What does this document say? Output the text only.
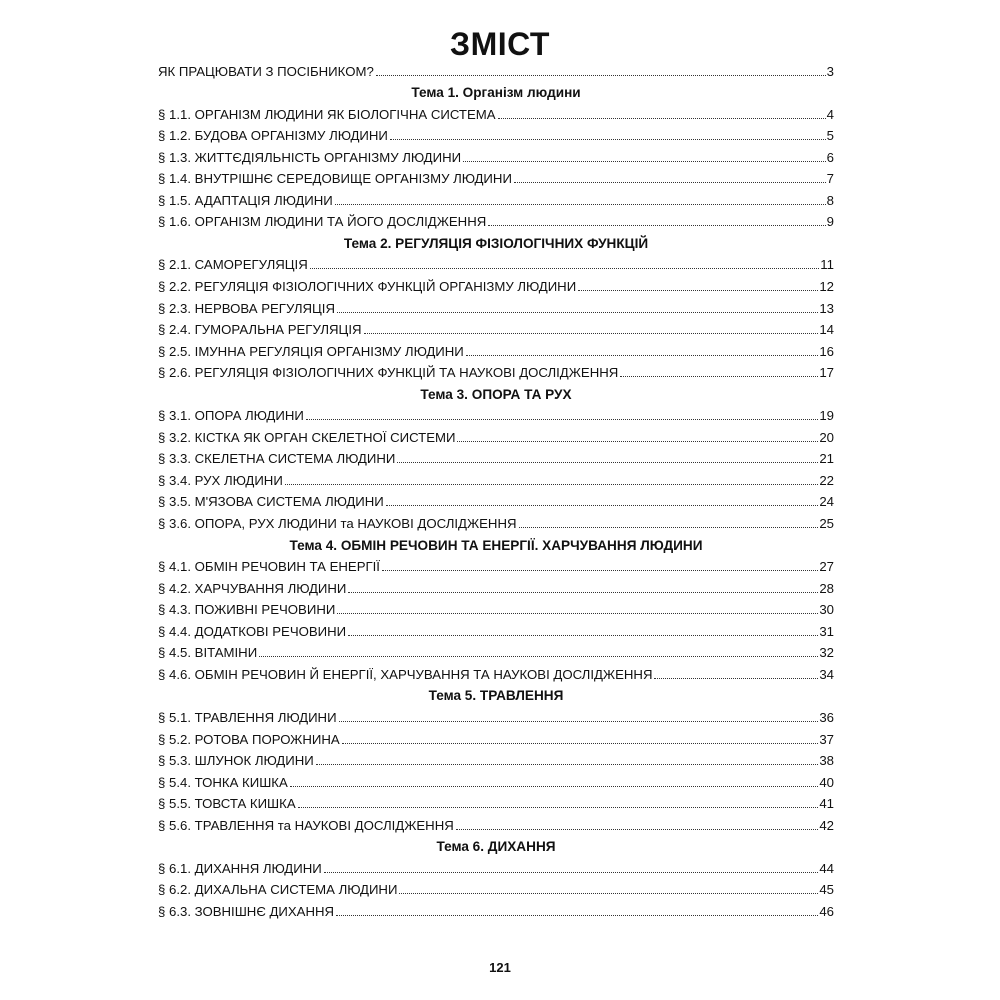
ЗМІСТ
ЯК ПРАЦЮВАТИ З ПОСІБНИКОМ?	3
Тема 1. Організм людини
§ 1.1. ОРГАНІЗМ ЛЮДИНИ ЯК БІОЛОГІЧНА СИСТЕМА	4
§ 1.2. БУДОВА ОРГАНІЗМУ ЛЮДИНИ	5
§ 1.3. ЖИТТЄДІЯЛЬНІСТЬ ОРГАНІЗМУ ЛЮДИНИ	6
§ 1.4. ВНУТРІШНЄ СЕРЕДОВИЩЕ ОРГАНІЗМУ ЛЮДИНИ	7
§ 1.5. АДАПТАЦІЯ ЛЮДИНИ	8
§ 1.6. ОРГАНІЗМ ЛЮДИНИ ТА ЙОГО ДОСЛІДЖЕННЯ	9
Тема 2. РЕГУЛЯЦІЯ ФІЗІОЛОГІЧНИХ ФУНКЦІЙ
§ 2.1. САМОРЕГУЛЯЦІЯ	11
§ 2.2. РЕГУЛЯЦІЯ ФІЗІОЛОГІЧНИХ ФУНКЦІЙ ОРГАНІЗМУ ЛЮДИНИ	12
§ 2.3. НЕРВОВА РЕГУЛЯЦІЯ	13
§ 2.4. ГУМОРАЛЬНА РЕГУЛЯЦІЯ	14
§ 2.5. ІМУННА РЕГУЛЯЦІЯ ОРГАНІЗМУ ЛЮДИНИ	16
§ 2.6. РЕГУЛЯЦІЯ ФІЗІОЛОГІЧНИХ ФУНКЦІЙ ТА НАУКОВІ ДОСЛІДЖЕННЯ	17
Тема 3. ОПОРА ТА РУХ
§ 3.1. ОПОРА ЛЮДИНИ	19
§ 3.2. КІСТКА ЯК ОРГАН СКЕЛЕТНОЇ СИСТЕМИ	20
§ 3.3. СКЕЛЕТНА СИСТЕМА ЛЮДИНИ	21
§ 3.4. РУХ ЛЮДИНИ	22
§ 3.5. М'ЯЗОВА СИСТЕМА ЛЮДИНИ	24
§ 3.6. ОПОРА, РУХ ЛЮДИНИ та НАУКОВІ ДОСЛІДЖЕННЯ	25
Тема 4. ОБМІН РЕЧОВИН ТА ЕНЕРГІЇ. ХАРЧУВАННЯ ЛЮДИНИ
§ 4.1. ОБМІН РЕЧОВИН ТА ЕНЕРГІЇ	27
§ 4.2. ХАРЧУВАННЯ ЛЮДИНИ	28
§ 4.3. ПОЖИВНІ РЕЧОВИНИ	30
§ 4.4. ДОДАТКОВІ РЕЧОВИНИ	31
§ 4.5. ВІТАМІНИ	32
§ 4.6. ОБМІН РЕЧОВИН Й ЕНЕРГІЇ, ХАРЧУВАННЯ ТА НАУКОВІ ДОСЛІДЖЕННЯ	34
Тема 5. ТРАВЛЕННЯ
§ 5.1. ТРАВЛЕННЯ ЛЮДИНИ	36
§ 5.2. РОТОВА ПОРОЖНИНА	37
§ 5.3. ШЛУНОК ЛЮДИНИ	38
§ 5.4. ТОНКА КИШКА	40
§ 5.5. ТОВСТА КИШКА	41
§ 5.6. ТРАВЛЕННЯ та НАУКОВІ ДОСЛІДЖЕННЯ	42
Тема 6. ДИХАННЯ
§ 6.1. ДИХАННЯ ЛЮДИНИ	44
§ 6.2. ДИХАЛЬНА СИСТЕМА ЛЮДИНИ	45
§ 6.3. ЗОВНІШНЄ ДИХАННЯ	46
121
